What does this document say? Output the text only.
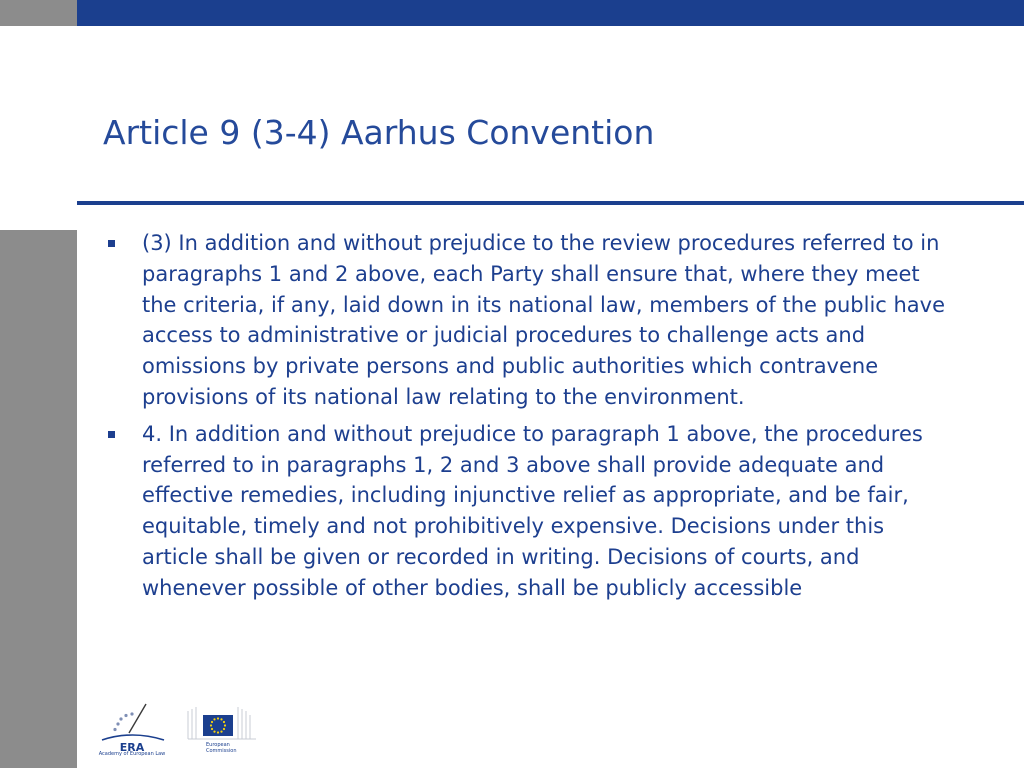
Article 9 (3-4) Aarhus Convention
(3) In addition and without prejudice to the review procedures referred to in paragraphs 1 and 2 above, each Party shall ensure that, where they meet the criteria, if any, laid down in its national law, members of the public have access to administrative or judicial procedures to challenge acts and omissions by private persons and public authorities which contravene provisions of its national law relating to the environment.
4. In addition and without prejudice to paragraph 1 above, the procedures referred to in paragraphs 1, 2 and 3 above shall provide adequate and effective remedies, including injunctive relief as appropriate, and be fair, equitable, timely and not prohibitively expensive. Decisions under this article shall be given or recorded in writing. Decisions of courts, and whenever possible of other bodies, shall be publicly accessible
ERA
Academy of European Law
European
Commission
